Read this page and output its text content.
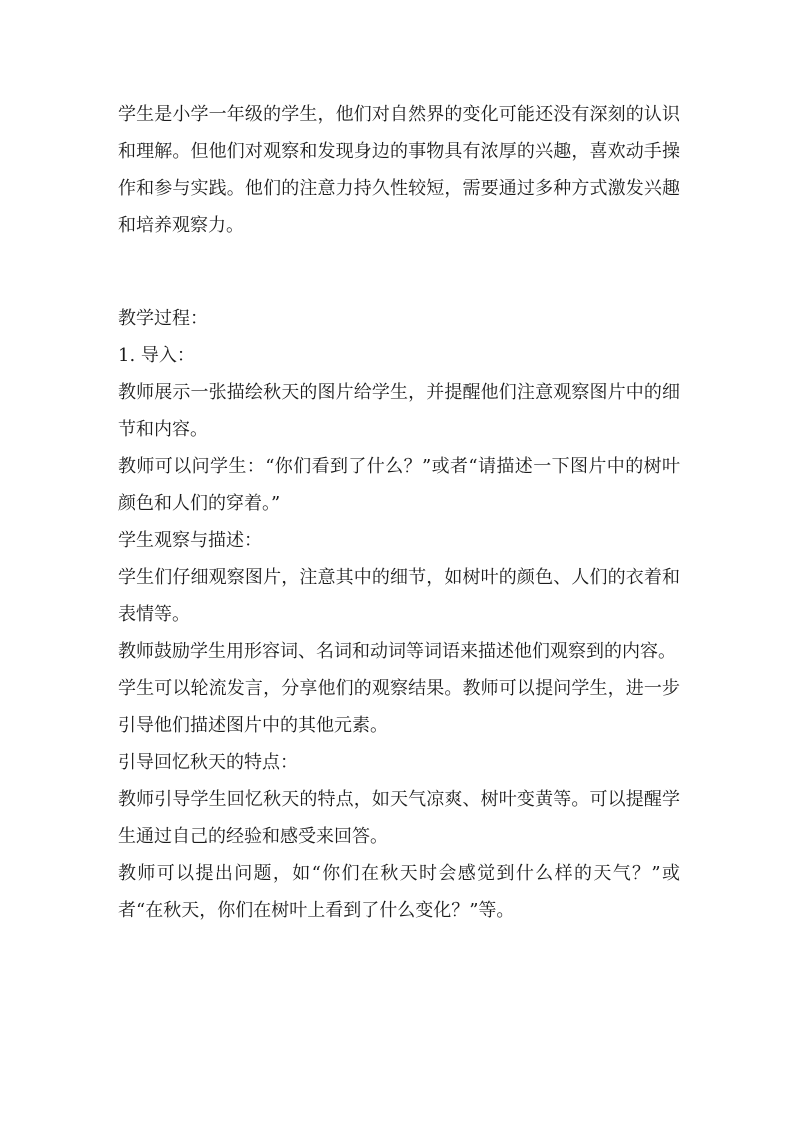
学生是小学一年级的学生，他们对自然界的变化可能还没有深刻的认识和理解。但他们对观察和发现身边的事物具有浓厚的兴趣，喜欢动手操作和参与实践。他们的注意力持久性较短，需要通过多种方式激发兴趣和培养观察力。

教学过程：

1. 导入：

教师展示一张描绘秋天的图片给学生，并提醒他们注意观察图片中的细节和内容。

教师可以问学生：“你们看到了什么？”或者“请描述一下图片中的树叶颜色和人们的穿着。”

学生观察与描述：

学生们仔细观察图片，注意其中的细节，如树叶的颜色、人们的衣着和表情等。

教师鼓励学生用形容词、名词和动词等词语来描述他们观察到的内容。

学生可以轮流发言，分享他们的观察结果。教师可以提问学生，进一步引导他们描述图片中的其他元素。

引导回忆秋天的特点：

教师引导学生回忆秋天的特点，如天气凉爽、树叶变黄等。可以提醒学生通过自己的经验和感受来回答。

教师可以提出问题，如“你们在秋天时会感觉到什么样的天气？”或者“在秋天，你们在树叶上看到了什么变化？”等。
